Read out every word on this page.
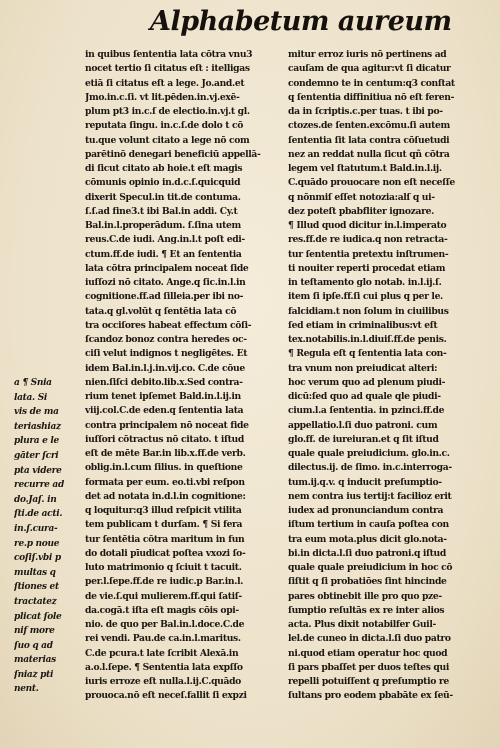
Alphabetum aureum
a ¶ Snia
lata. Si
vis de ma
teriashiaz
plura e le
gāter ſcri
pta videre
recurre ad
do.Jaſ. in
ſti.de acti.
in.ſ.cura-
re.p noue
coſiſ.vbi p
multas q
ſtiones et
tractatez
plicat ſole
nif more
ſuo q ad
materias
ſniaz pti
nent.
in quibus ſententia lata cōtra vnu3
nocet tertio ſi citatus eſt : itelligas
etiā ſi citatus eſt a lege. Jo.and.et
Jmo.in.c.ſi. vt lit.pēden.in.vj.exē-
plum pt3 in.c.ſ de electio.in.vj.t gl.
reputata ſingu. in.c.ſ.de dolo t cō
tu.que volunt citato a lege nō com
parētinō denegari beneficiū appellā-
di ſicut citato ab hoie.t eſt magis
cōmunis opinio in.d.c.ſ.quicquid
dixerit Specul.in tit.de contuma.
ſ.ſ.ad fine3.t ibi Bal.in addi. Cy.t
Bal.in.l.properādum. ſ.ſina utem
reus.C.de iudi. Ang.in.l.t poſt edi-
ctum.ff.de iudi. ¶ Et an ſententia
lata cōtra principalem noceat ſide
iuſſozi nō citato. Ange.q ſic.in.l.in
cognitione.ff.ad ſilleia.per ibi no-
tata.q gl.volūt q ſentētia lata cō
tra occiſores habeat effectum cōſi-
ſcandoz bonoz contra heredes oc-
ciſi velut indignos t negligētes. Et
idem Bal.in.l.j.in.vij.co. C.de cōue
nien.ſiſci debito.lib.x.Sed contra-
rium tenet ipſemet Bald.in.l.ij.in
viij.col.C.de eden.q ſententia lata
contra principalem nō noceat fide
iuſſori cōtractus nō citato. t iſtud
eſt de mēte Bar.in lib.x.ff.de verb.
oblig.in.l.cum ſilius. in queſtione
formata per eum. eo.ti.vbi reſpon
det ad notata in.d.l.in cognitione:
q loquitur:q3 illud reſpicit vtilita
tem publicam t durſam. ¶ Si fera
tur ſentētia cōtra maritum in fun
do dotali pīudicat poſtea vxozi ſo-
luto matrimonio q ſciuit t tacuit.
per.l.ſepe.ff.de re iudic.p Bar.in.l.
de vie.ſ.qui mulierem.ff.qui ſatiſ-
da.cogā.t iſta eſt magis cōis opi-
nio. de quo per Bal.in.l.doce.C.de
rei vendi. Pau.de ca.in.l.maritus.
C.de pcura.t late ſcribit Alexā.in
a.o.l.ſepe. ¶ Sententia lata expſſo
iuris erroze eſt nulla.l.ij.C.quādo
prouoca.nō eſt neceſ.fallit ſi expzi
mitur erroz iuris nō pertinens ad
cauſam de qua agitur:vt ſi dicatur
condemno te in centum:q3 conſtat
q ſententia diffinitiua nō eſt feren-
da in ſcriptis.c.per tuas. t ibi po-
ctozes.de ſenten.excōmu.ſi autem
ſententia ſit lata contra cōſuetudi
nez an reddat nulla ſicut qñ cōtra
legem vel ſtatutum.t Bald.in.l.ij.
C.quādo prouocare non eſt neceſſe
q nōnmiſ eſſet notozia:alſ q ui-
dez poteſt pbabfliter ignozare.
¶ Illud quod dicitur in.l.imperato
res.ff.de re iudica.q non retracta-
tur ſententia pretextu inſtrumen-
ti nouiter reperti procedat etiam
in teſtamento glo notab. in.l.ij.ſ.
item ſi ipſe.ff.ſi cui plus q per le.
falcidiam.t non ſolum in ciuilibus
ſed etiam in criminalibus:vt eſt
tex.notabilis.in.l.diuiſ.ff.de penis.
¶ Regula eſt q ſententia lata con-
tra vnum non preiudicat alteri:
hoc verum quo ad plenum piudi-
dicū:ſed quo ad quale qle piudi-
cium.l.a ſententia. in pzinci.ff.de
appellatio.l.ſi duo patroni. cum
glo.ff. de iureiuran.et q ſit iſtud
quale quale preiudicium. glo.in.c.
dilectus.ij. de ſimo. in.c.interroga-
tum.ij.q.v. q inducit preſumptio-
nem contra ius tertij:t facilioz erit
iudex ad pronunciandum contra
iſtum tertium in cauſa poſtea con
tra eum mota.plus dicit glo.nota-
bi.in dicta.l.ſi duo patroni.q iſtud
quale quale preiudicium in hoc cō
ſiſtit q ſi probatiōes ſint hincinde
pares obtinebit ille pro quo pze-
ſumptio reſultās ex re inter alios
acta. Plus dixit notabilfer Guil-
lel.de cuneo in dicta.l.ſi duo patro
ni.quod etiam operatur hoc quod
ſi pars pbaſſet per duos teſtes qui
repelli potuiſſent q preſumptio re
ſultans pro eodem pbabāte ex ſeū-
